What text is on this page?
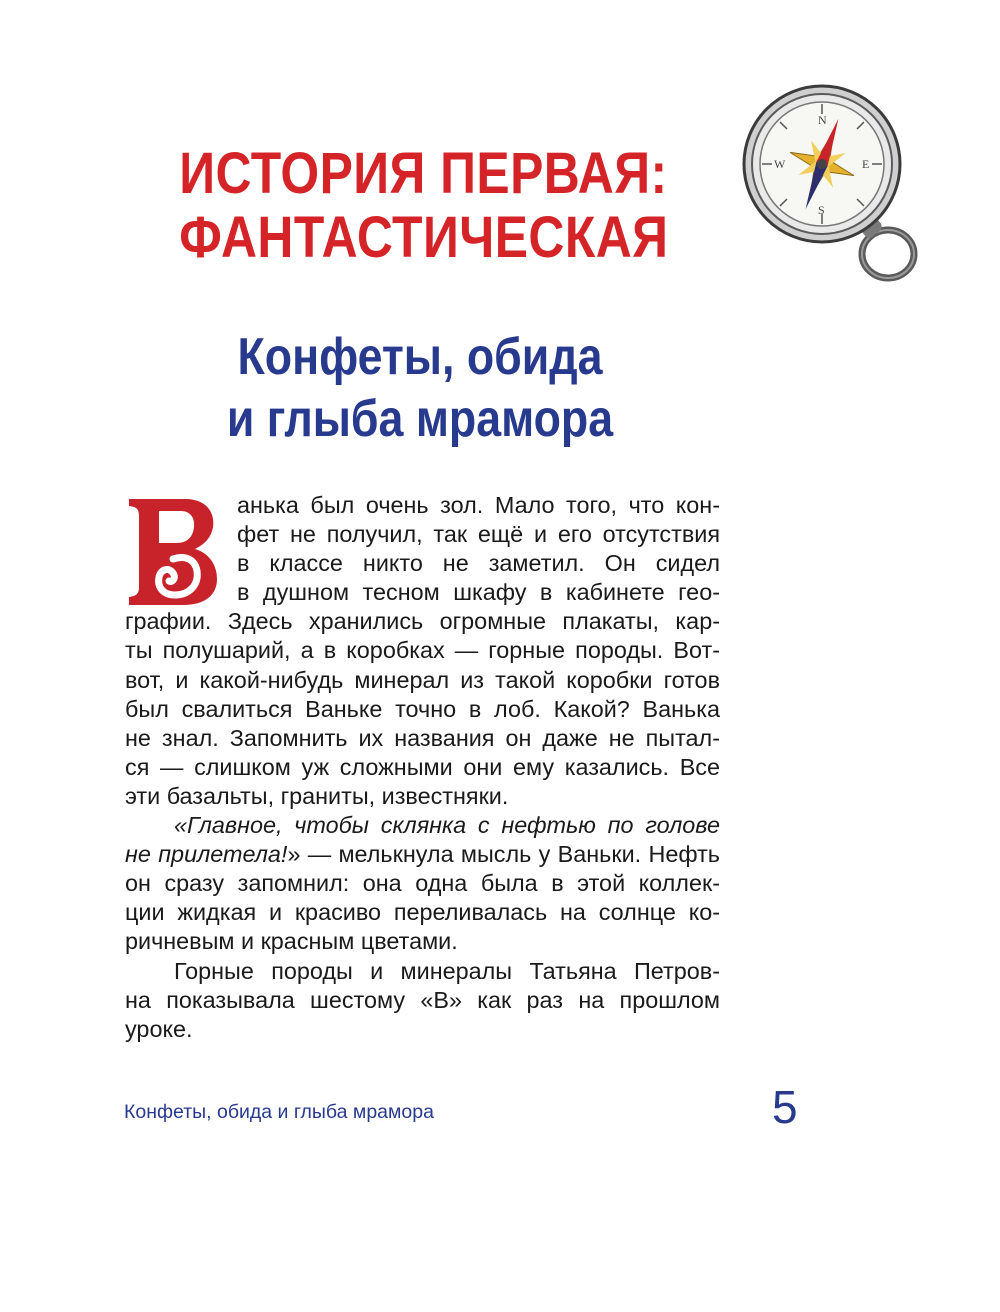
N
S
W	E
ИСТОРИЯ ПЕРВАЯ:
ФАНТАСТИЧЕСКАЯ
Конфеты, обида
и глыба мрамора
анька был очень зол. Мало того, что кон-
фет не получил, так ещё и его отсутствия
в классе никто не заметил. Он сидел
в душном тесном шкафу в кабинете гео-
графии. Здесь хранились огромные плакаты, кар-
ты полушарий, а в коробках — горные породы. Вот-
вот, и какой-нибудь минерал из такой коробки готов
был свалиться Ваньке точно в лоб. Какой? Ванька
не знал. Запомнить их названия он даже не пытал-
ся — слишком уж сложными они ему казались. Все
эти базальты, граниты, известняки.
«Главное, чтобы склянка с нефтью по голове
не прилетела!» — мелькнула мысль у Ваньки. Нефть
он сразу запомнил: она одна была в этой коллек-
ции жидкая и красиво переливалась на солнце ко-
ричневым и красным цветами.
Горные породы и минералы Татьяна Петров-
на показывала шестому «В» как раз на прошлом
уроке.
Конфеты, обида и глыба мрамора	5
